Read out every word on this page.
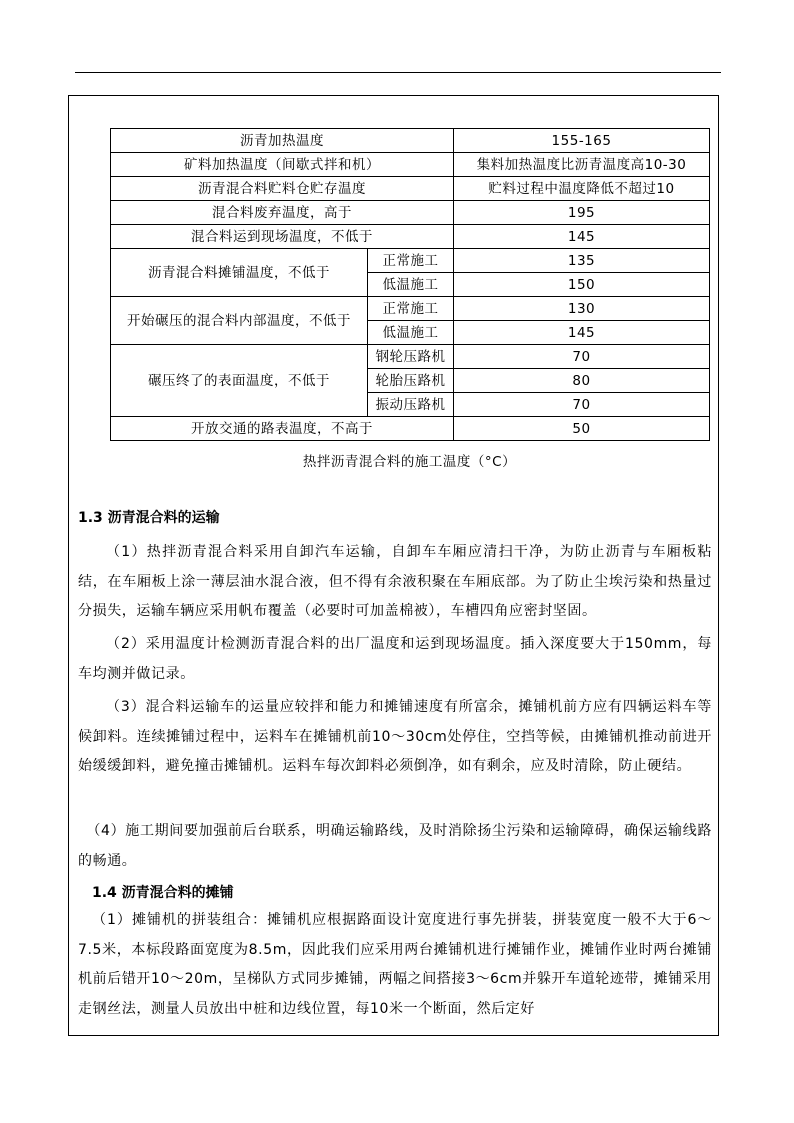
沥青加热温度		155-165
矿料加热温度（间歇式拌和机）		集料加热温度比沥青温度高10-30
沥青混合料贮料仓贮存温度		贮料过程中温度降低不超过10
混合料废弃温度，高于		195
混合料运到现场温度，不低于		145
沥青混合料摊铺温度，不低于	正常施工	135
	低温施工	150
开始碾压的混合料内部温度，不低于	正常施工	130
	低温施工	145
碾压终了的表面温度，不低于	钢轮压路机	70
	轮胎压路机	80
	振动压路机	70
开放交通的路表温度，不高于		50
热拌沥青混合料的施工温度（°C）
1.3 沥青混合料的运输
（1）热拌沥青混合料采用自卸汽车运输，自卸车车厢应清扫干净，为防止沥青与车厢板粘结，在车厢板上涂一薄层油水混合液，但不得有余液积聚在车厢底部。为了防止尘埃污染和热量过分损失，运输车辆应采用帆布覆盖（必要时可加盖棉被），车槽四角应密封坚固。
（2）采用温度计检测沥青混合料的出厂温度和运到现场温度。插入深度要大于150mm，每车均测并做记录。
（3）混合料运输车的运量应较拌和能力和摊铺速度有所富余，摊铺机前方应有四辆运料车等候卸料。连续摊铺过程中，运料车在摊铺机前10～30cm处停住，空挡等候，由摊铺机推动前进开始缓缓卸料，避免撞击摊铺机。运料车每次卸料必须倒净，如有剩余，应及时清除，防止硬结。
（4）施工期间要加强前后台联系，明确运输路线，及时消除扬尘污染和运输障碍，确保运输线路的畅通。
1.4 沥青混合料的摊铺
（1）摊铺机的拼装组合：摊铺机应根据路面设计宽度进行事先拼装，拼装宽度一般不大于6～7.5米，本标段路面宽度为8.5m，因此我们应采用两台摊铺机进行摊铺作业，摊铺作业时两台摊铺机前后错开10～20m，呈梯队方式同步摊铺，两幅之间搭接3～6cm并躲开车道轮迹带，摊铺采用走钢丝法，测量人员放出中桩和边线位置，每10米一个断面，然后定好
